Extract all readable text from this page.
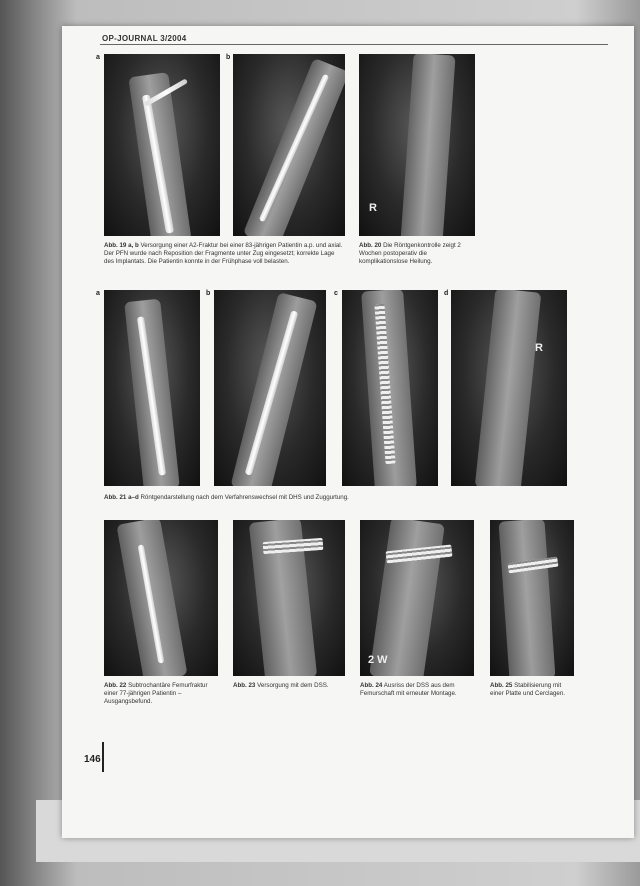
OP-JOURNAL 3/2004
a	b
R
Abb. 19 a, b Versorgung einer A2-Fraktur bei einer 83-jährigen Patientin a.p. und axial. Der PFN wurde nach Reposition der Fragmente unter Zug eingesetzt; korrekte Lage des Implantats. Die Patientin konnte in der Frühphase voll belasten.
Abb. 20 Die Röntgenkontrolle zeigt 2 Wochen postoperativ die komplikationslose Heilung.
a	b	c	d
R
Abb. 21 a–d Röntgendarstellung nach dem Verfahrenswechsel mit DHS und Zuggurtung.
2 W
Abb. 22 Subtrochantäre Femurfraktur einer 77-jährigen Patientin – Ausgangsbefund.
Abb. 23 Versorgung mit dem DSS.	Abb. 24 Ausriss der DSS aus dem Femurschaft mit erneuter Montage.
Abb. 25 Stabilisierung mit einer Platte und Cerclagen.
146
